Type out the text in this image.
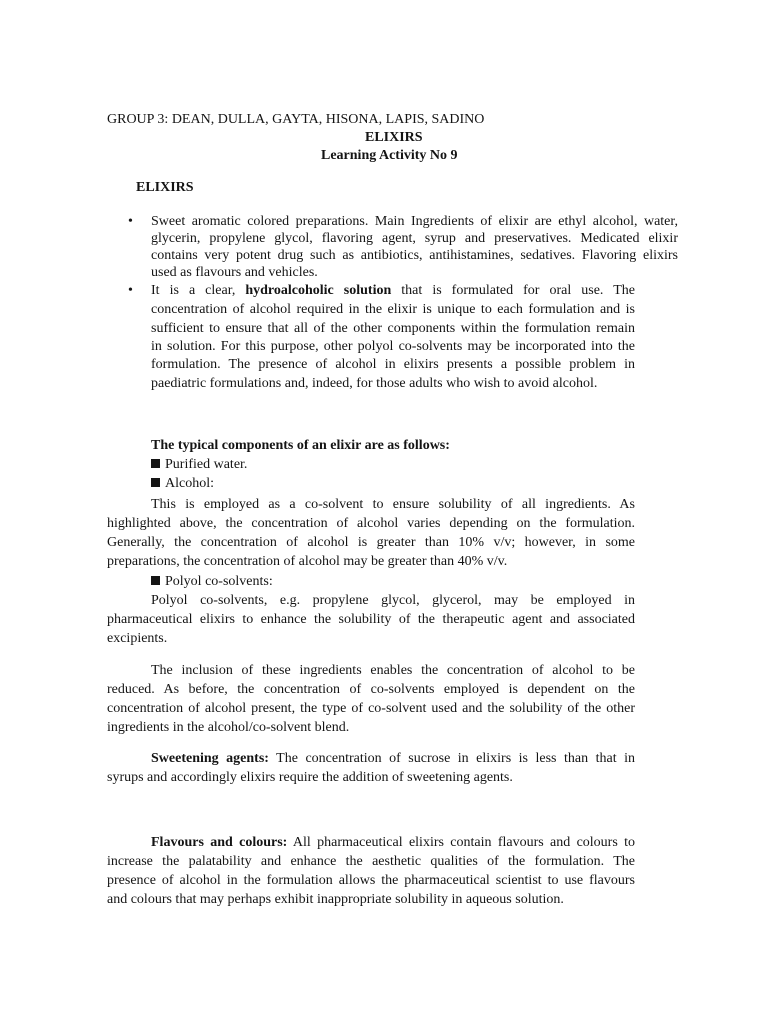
GROUP 3: DEAN, DULLA, GAYTA, HISONA, LAPIS, SADINO
ELIXIRS
Learning Activity No 9
ELIXIRS
• Sweet aromatic colored preparations. Main Ingredients of elixir are ethyl alcohol, water,
glycerin, propylene glycol, flavoring agent, syrup and preservatives. Medicated elixir
contains very potent drug such as antibiotics, antihistamines, sedatives. Flavoring elixirs
used as flavours and vehicles.
• It is a clear, hydroalcoholic solution that is formulated for oral use. The
concentration of alcohol required in the elixir is unique to each formulation and is
sufficient to ensure that all of the other components within the formulation remain
in solution. For this purpose, other polyol co-solvents may be incorporated into the
formulation. The presence of alcohol in elixirs presents a possible problem in
paediatric formulations and, indeed, for those adults who wish to avoid alcohol.
The typical components of an elixir are as follows:
Purified water.
Alcohol:
This is employed as a co-solvent to ensure solubility of all ingredients. As
highlighted above, the concentration of alcohol varies depending on the formulation.
Generally, the concentration of alcohol is greater than 10% v/v; however, in some
preparations, the concentration of alcohol may be greater than 40% v/v.
Polyol co-solvents:
Polyol co-solvents, e.g. propylene glycol, glycerol, may be employed in
pharmaceutical elixirs to enhance the solubility of the therapeutic agent and associated
excipients.
The inclusion of these ingredients enables the concentration of alcohol to be
reduced. As before, the concentration of co-solvents employed is dependent on the
concentration of alcohol present, the type of co-solvent used and the solubility of the other
ingredients in the alcohol/co-solvent blend.
Sweetening agents: The concentration of sucrose in elixirs is less than that in
syrups and accordingly elixirs require the addition of sweetening agents.
Flavours and colours: All pharmaceutical elixirs contain flavours and colours to
increase the palatability and enhance the aesthetic qualities of the formulation. The
presence of alcohol in the formulation allows the pharmaceutical scientist to use flavours
and colours that may perhaps exhibit inappropriate solubility in aqueous solution.
